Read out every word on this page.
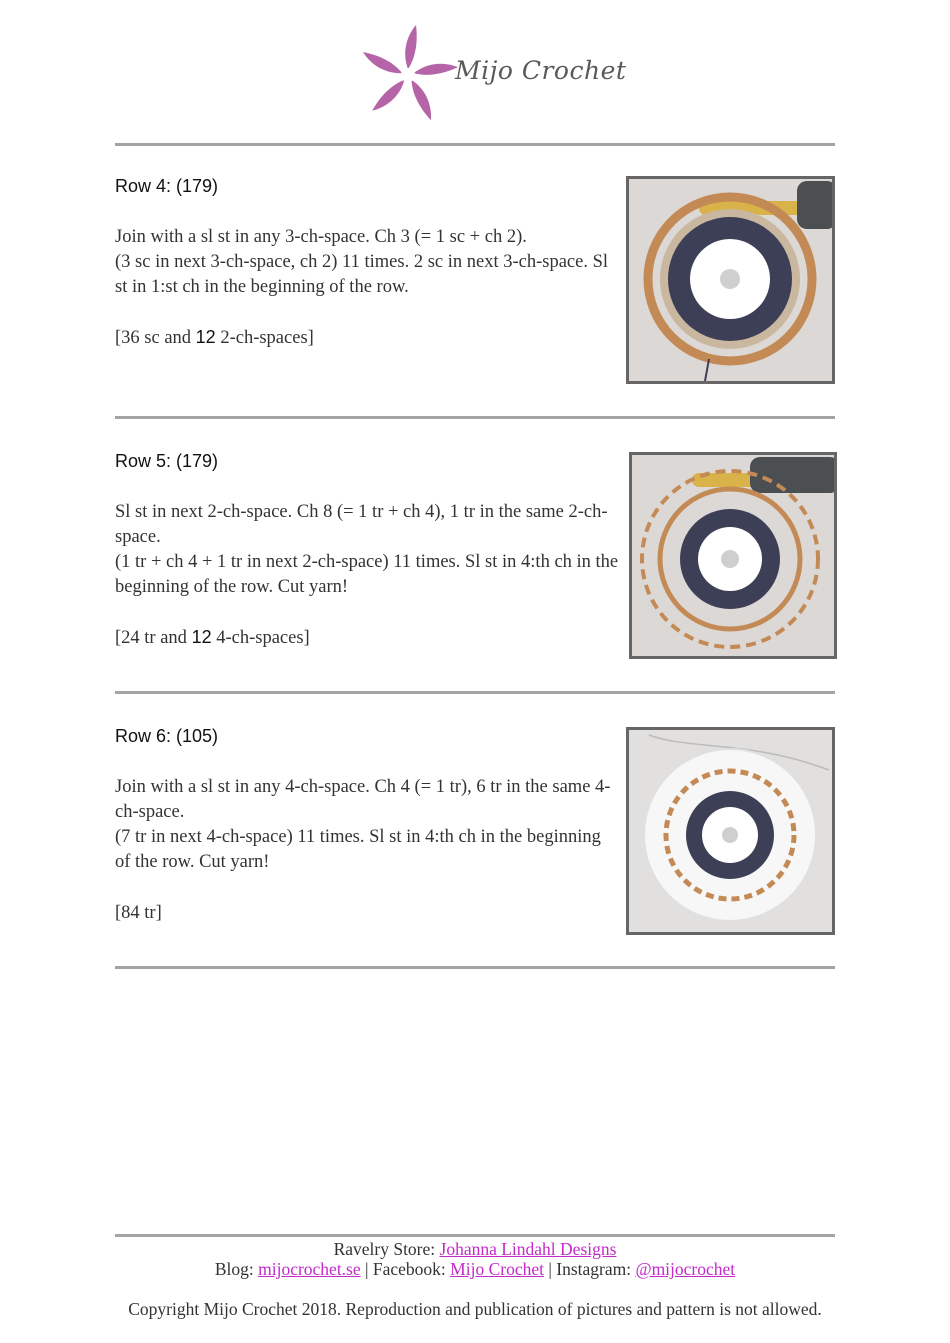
Mijo Crochet
Row 4: (179)

Join with a sl st in any 3-ch-space. Ch 3 (= 1 sc + ch 2).

(3 sc in next 3-ch-space, ch 2) 11 times. 2 sc in next 3-ch-space. Sl st in 1:st ch in the beginning of the row.

[36 sc and 12 2-ch-spaces]

Row 5: (179)

Sl st in next 2-ch-space. Ch 8 (= 1 tr + ch 4), 1 tr in the same 2-ch-space.

(1 tr + ch 4 + 1 tr in next 2-ch-space) 11 times. Sl st in 4:th ch in the beginning of the row. Cut yarn!

[24 tr and 12 4-ch-spaces]

Row 6: (105)

Join with a sl st in any 4-ch-space. Ch 4 (= 1 tr), 6 tr in the same 4-ch-space.

(7 tr in next 4-ch-space) 11 times. Sl st in 4:th ch in the beginning of the row. Cut yarn!

[84 tr]

Ravelry Store: Johanna Lindahl Designs
Blog: mijocrochet.se | Facebook: Mijo Crochet | Instagram: @mijocrochet
Copyright Mijo Crochet 2018. Reproduction and publication of pictures and pattern is not allowed.
